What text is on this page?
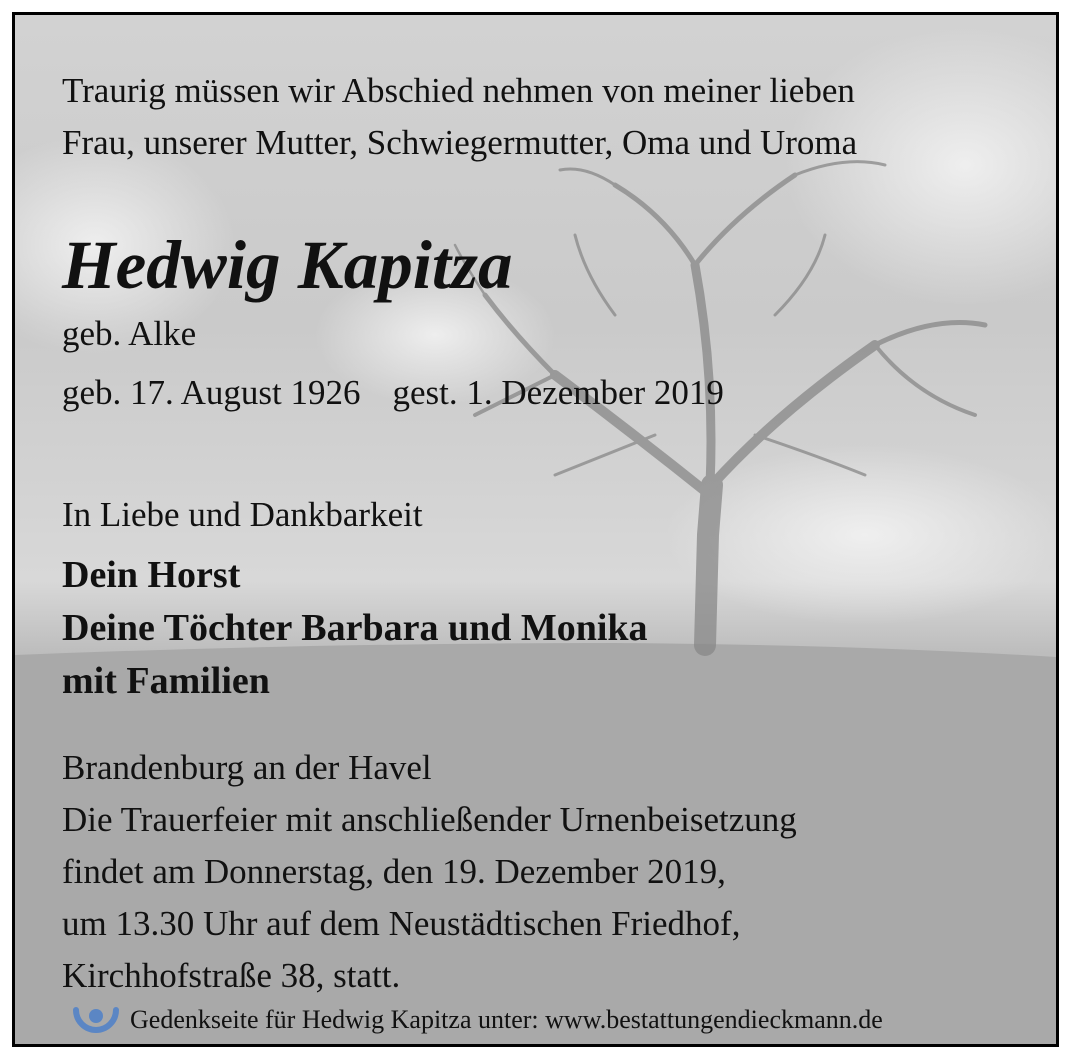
Traurig müssen wir Abschied nehmen von meiner lieben
Frau, unserer Mutter, Schwiegermutter, Oma und Uroma
Hedwig Kapitza
geb. Alke
geb. 17. August 1926 gest. 1. Dezember 2019
In Liebe und Dankbarkeit
Dein Horst
Deine Töchter Barbara und Monika
mit Familien
Brandenburg an der Havel
Die Trauerfeier mit anschließender Urnenbeisetzung
findet am Donnerstag, den 19. Dezember 2019,
um 13.30 Uhr auf dem Neustädtischen Friedhof,
Kirchhofstraße 38, statt.
Gedenkseite für Hedwig Kapitza unter: www.bestattungendieckmann.de
